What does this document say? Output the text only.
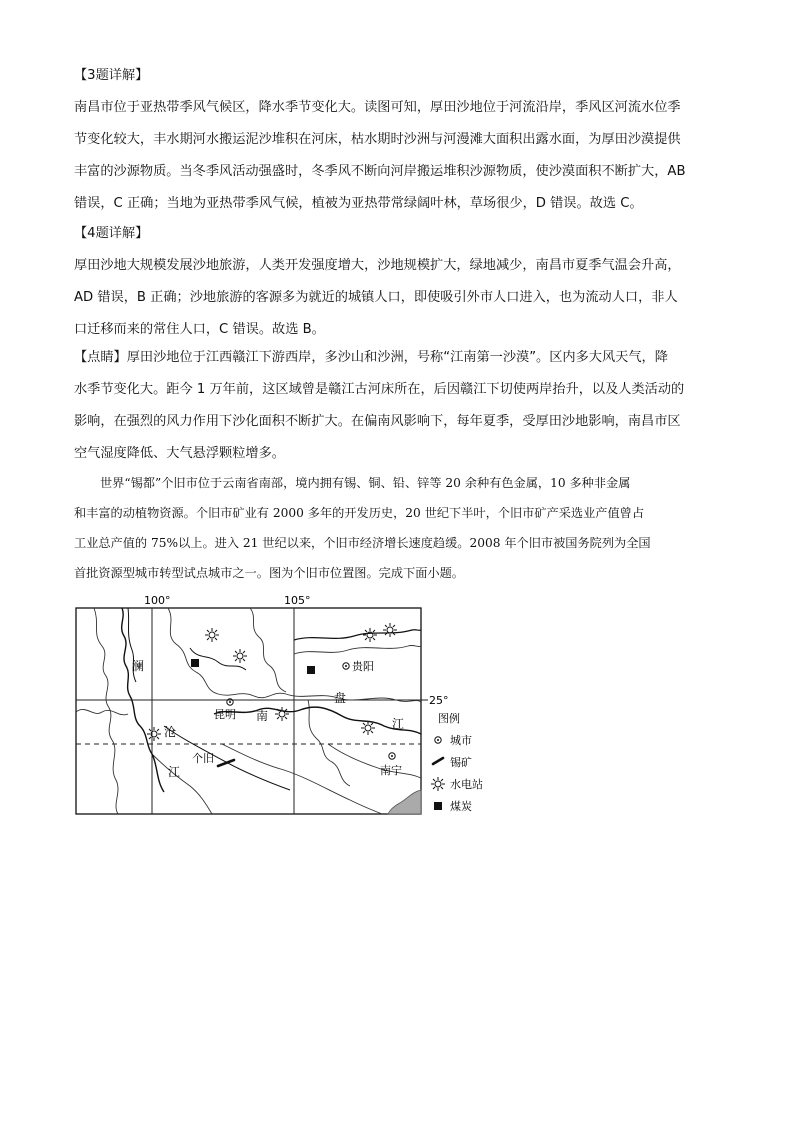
【3题详解】

南昌市位于亚热带季风气候区，降水季节变化大。读图可知，厚田沙地位于河流沿岸，季风区河流水位季

节变化较大，丰水期河水搬运泥沙堆积在河床，枯水期时沙洲与河漫滩大面积出露水面，为厚田沙漠提供

丰富的沙源物质。当冬季风活动强盛时，冬季风不断向河岸搬运堆积沙源物质，使沙漠面积不断扩大，AB

错误，C 正确；当地为亚热带季风气候，植被为亚热带常绿阔叶林，草场很少，D 错误。故选 C。

【4题详解】

厚田沙地大规模发展沙地旅游，人类开发强度增大，沙地规模扩大，绿地减少，南昌市夏季气温会升高，

AD 错误，B 正确；沙地旅游的客源多为就近的城镇人口，即使吸引外市人口进入，也为流动人口，非人

口迁移而来的常住人口，C 错误。故选 B。

【点睛】厚田沙地位于江西赣江下游西岸，多沙山和沙洲，号称“江南第一沙漠”。区内多大风天气，降

水季节变化大。距今 1 万年前，这区域曾是赣江古河床所在，后因赣江下切使两岸抬升，以及人类活动的

影响，在强烈的风力作用下沙化面积不断扩大。在偏南风影响下，每年夏季，受厚田沙地影响，南昌市区

空气湿度降低、大气悬浮颗粒增多。

世界“锡都”个旧市位于云南省南部，境内拥有锡、铜、铅、锌等 20 余种有色金属，10 多种非金属

和丰富的动植物资源。个旧市矿业有 2000 多年的开发历史，20 世纪下半叶，个旧市矿产采选业产值曾占

工业总产值的 75%以上。进入 21 世纪以来，个旧市经济增长速度趋缓。2008 年个旧市被国务院列为全国

首批资源型城市转型试点城市之一。图为个旧市位置图。完成下面小题。

100°	105°
25°
澜
沧
江
南
盘
江
昆明
贵阳
南宁
个旧
图例
城市
锡矿
水电站
煤炭
